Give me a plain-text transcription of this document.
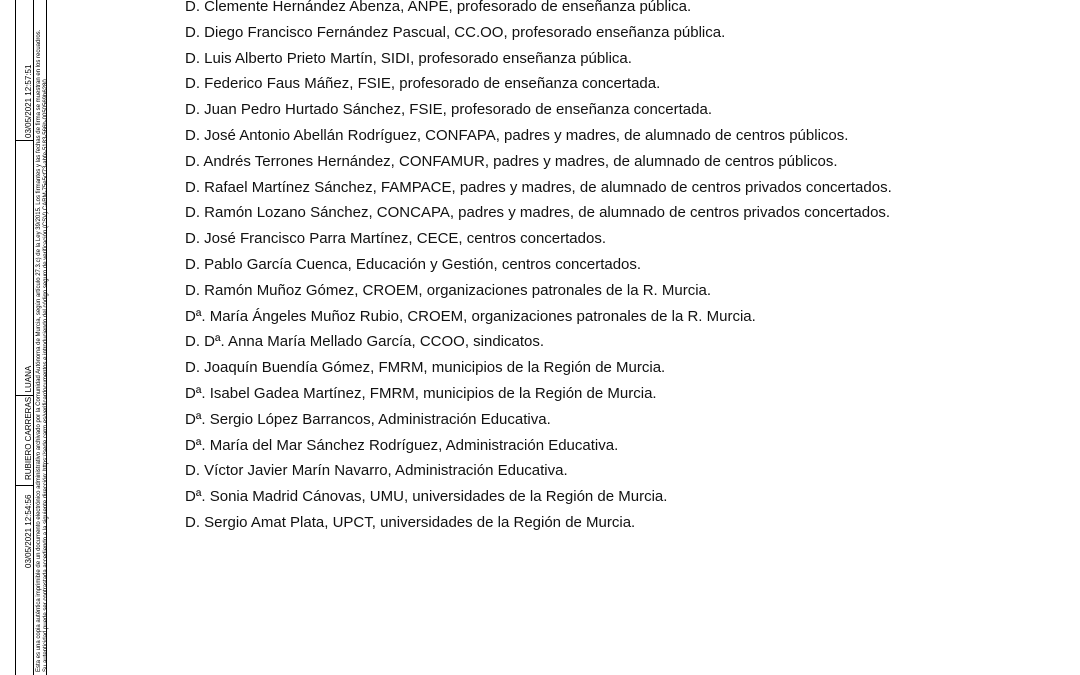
03/05/2021 12:57:51
RUBIERO CARRERAS, LUANA
03/05/2021 12:54:56 Esta es una copia auténtica imprimible de un documento electrónico administrativo archivado por la Comunidad Autónoma de Murcia, según artículo 27.3.c) de la Ley 39/2015. Los firmantes y las fechas de firma se muestran en los recuadros. Su autenticidad puede ser contrastada accediendo a la siguiente dirección: https://sede.carm.es/verificardocumentos e introduciendo del código seguro de verificación (CSV) CARM-75e5cf73-abfe-5183-566b-0050569b6280

D. Clemente Hernández Abenza, ANPE, profesorado de enseñanza pública.

D. Diego Francisco Fernández Pascual, CC.OO, profesorado enseñanza pública.

D. Luis Alberto Prieto Martín, SIDI, profesorado enseñanza pública.

D. Federico Faus Máñez, FSIE, profesorado de enseñanza concertada.

D. Juan Pedro Hurtado Sánchez, FSIE, profesorado de enseñanza concertada.

D. José Antonio Abellán Rodríguez, CONFAPA, padres y madres, de alumnado de centros públicos.

D. Andrés Terrones Hernández, CONFAMUR, padres y madres, de alumnado de centros públicos.

D. Rafael Martínez Sánchez, FAMPACE, padres y madres, de alumnado de centros privados concertados.

D. Ramón Lozano Sánchez, CONCAPA, padres y madres, de alumnado de centros privados concertados.

D. José Francisco Parra Martínez, CECE, centros concertados.

D. Pablo García Cuenca, Educación y Gestión, centros concertados.

D. Ramón Muñoz Gómez, CROEM, organizaciones patronales de la R. Murcia.

Dª. María Ángeles Muñoz Rubio, CROEM, organizaciones patronales de la R. Murcia.

D. Dª. Anna María Mellado García, CCOO, sindicatos.

D. Joaquín Buendía Gómez, FMRM, municipios de la Región de Murcia.

Dª. Isabel Gadea Martínez, FMRM, municipios de la Región de Murcia.

Dª. Sergio López Barrancos, Administración Educativa.

Dª. María del Mar Sánchez Rodríguez, Administración Educativa.

D. Víctor Javier Marín Navarro, Administración Educativa.

Dª. Sonia Madrid Cánovas, UMU, universidades de la Región de Murcia.

D. Sergio Amat Plata, UPCT, universidades de la Región de Murcia.
